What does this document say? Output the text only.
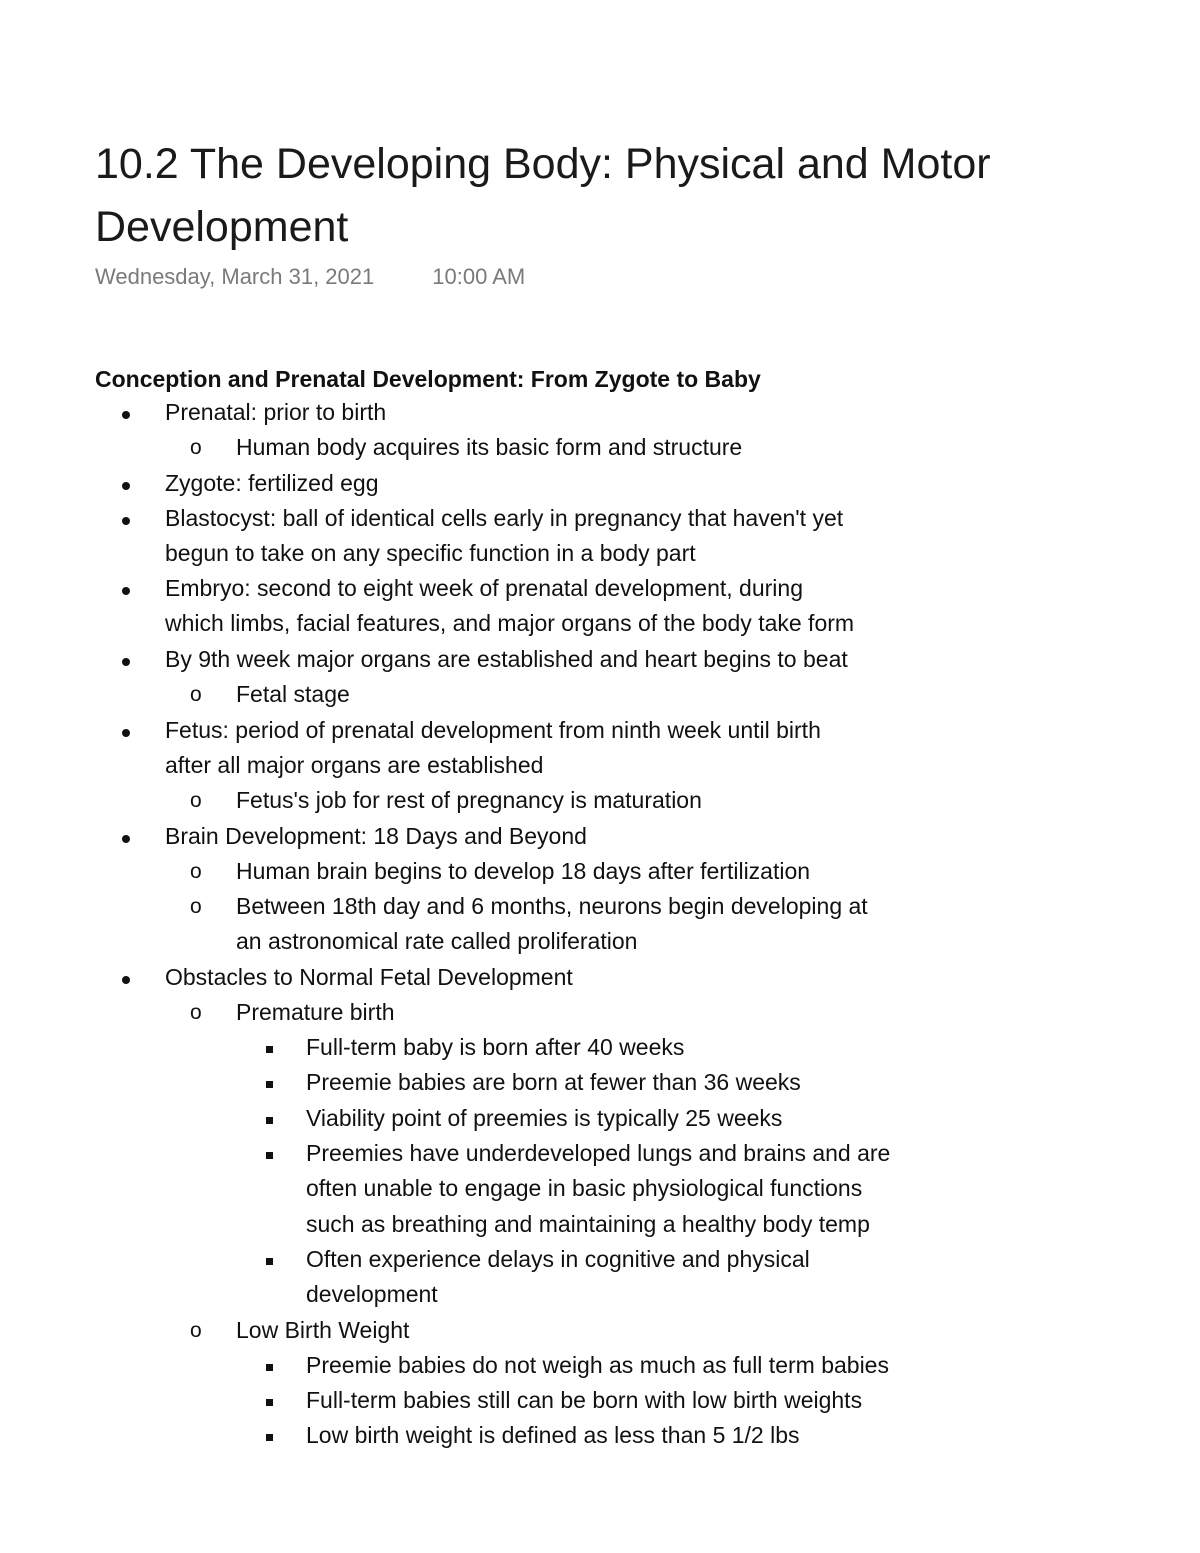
10.2 The Developing Body: Physical and Motor Development
Wednesday, March 31, 2021	10:00 AM
Conception and Prenatal Development: From Zygote to Baby
Prenatal: prior to birth
o Human body acquires its basic form and structure
Zygote: fertilized egg
Blastocyst: ball of identical cells early in pregnancy that haven't yet
begun to take on any specific function in a body part
Embryo: second to eight week of prenatal development, during
which limbs, facial features, and major organs of the body take form
By 9th week major organs are established and heart begins to beat
o Fetal stage
Fetus: period of prenatal development from ninth week until birth
after all major organs are established
o Fetus's job for rest of pregnancy is maturation
Brain Development: 18 Days and Beyond
o Human brain begins to develop 18 days after fertilization
o Between 18th day and 6 months, neurons begin developing at
an astronomical rate called proliferation
Obstacles to Normal Fetal Development
o Premature birth
Full-term baby is born after 40 weeks
Preemie babies are born at fewer than 36 weeks
Viability point of preemies is typically 25 weeks
Preemies have underdeveloped lungs and brains and are
often unable to engage in basic physiological functions
such as breathing and maintaining a healthy body temp
Often experience delays in cognitive and physical
development
o Low Birth Weight
Preemie babies do not weigh as much as full term babies
Full-term babies still can be born with low birth weights
Low birth weight is defined as less than 5 1/2 lbs
